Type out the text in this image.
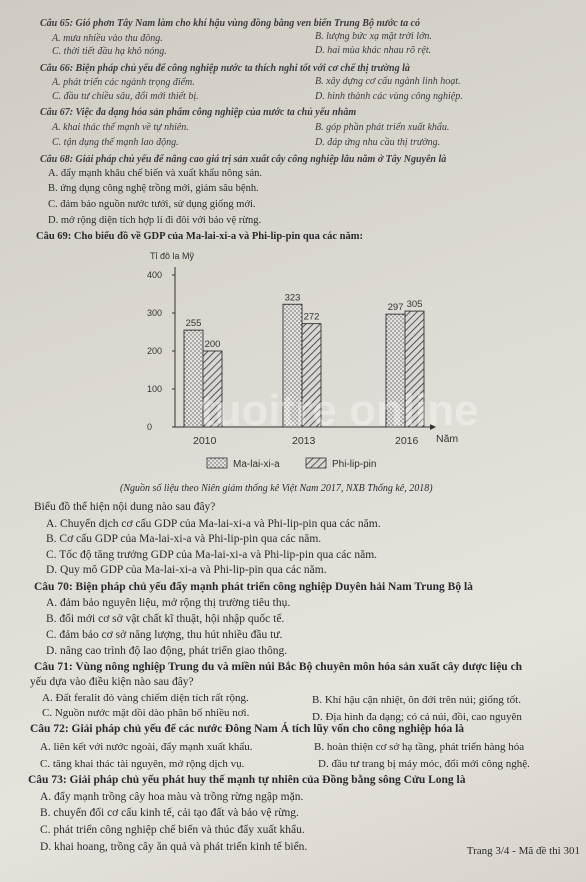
Câu 65: Gió phơn Tây Nam làm cho khí hậu vùng đồng bằng ven biển Trung Bộ nước ta có
A. mưa nhiều vào thu đông.	B. lượng bức xạ mặt trời lớn.
C. thời tiết đầu hạ khô nóng.	D. hai mùa khác nhau rõ rệt.
Câu 66: Biện pháp chủ yếu để công nghiệp nước ta thích nghi tốt với cơ chế thị trường là
A. phát triển các ngành trọng điểm.	B. xây dựng cơ cấu ngành linh hoạt.
C. đầu tư chiều sâu, đổi mới thiết bị.	D. hình thành các vùng công nghiệp.
Câu 67: Việc đa dạng hóa sản phẩm công nghiệp của nước ta chủ yếu nhằm
A. khai thác thế mạnh về tự nhiên.	B. góp phần phát triển xuất khẩu.
C. tận dụng thế mạnh lao động.	D. đáp ứng nhu cầu thị trường.
Câu 68: Giải pháp chủ yếu để nâng cao giá trị sản xuất cây công nghiệp lâu năm ở Tây Nguyên là
A. đẩy mạnh khâu chế biến và xuất khẩu nông sản.
B. ứng dụng công nghệ trồng mới, giảm sâu bệnh.
C. đảm bảo nguồn nước tưới, sử dụng giống mới.
D. mở rộng diện tích hợp lí đi đôi với bảo vệ rừng.
Câu 69: Cho biểu đồ về GDP của Ma-lai-xi-a và Phi-lip-pin qua các năm:
Tỉ đô la Mỹ
0
100
200
300
400
2010	2013	2016
255
200
323
272
297 305
Năm
Ma-lai-xi-a	Phi-lip-pin
tuoitre online
(Nguồn số liệu theo Niên giám thống kê Việt Nam 2017, NXB Thống kê, 2018)
Biểu đồ thể hiện nội dung nào sau đây?
A. Chuyển dịch cơ cấu GDP của Ma-lai-xi-a và Phi-lip-pin qua các năm.
B. Cơ cấu GDP của Ma-lai-xi-a và Phi-lip-pin qua các năm.
C. Tốc độ tăng trưởng GDP của Ma-lai-xi-a và Phi-lip-pin qua các năm.
D. Quy mô GDP của Ma-lai-xi-a và Phi-lip-pin qua các năm.
Câu 70: Biện pháp chủ yếu đẩy mạnh phát triển công nghiệp Duyên hải Nam Trung Bộ là
A. đảm bảo nguyên liệu, mở rộng thị trường tiêu thụ.
B. đổi mới cơ sở vật chất kĩ thuật, hội nhập quốc tế.
C. đảm bảo cơ sở năng lượng, thu hút nhiều đầu tư.
D. nâng cao trình độ lao động, phát triển giao thông.
Câu 71: Vùng nông nghiệp Trung du và miền núi Bắc Bộ chuyên môn hóa sản xuất cây dược liệu ch
yếu dựa vào điều kiện nào sau đây?
A. Đất feralit đỏ vàng chiếm diện tích rất rộng.	B. Khí hậu cận nhiệt, ôn đới trên núi; giống tốt.
C. Nguồn nước mặt dồi dào phân bố nhiều nơi.	D. Địa hình đa dạng; có cả núi, đồi, cao nguyên
Câu 72: Giải pháp chủ yếu để các nước Đông Nam Á tích lũy vốn cho công nghiệp hóa là
A. liên kết với nước ngoài, đẩy mạnh xuất khẩu.	B. hoàn thiện cơ sở hạ tầng, phát triển hàng hóa
C. tăng khai thác tài nguyên, mở rộng dịch vụ.	D. đầu tư trang bị máy móc, đổi mới công nghệ.
Câu 73: Giải pháp chủ yếu phát huy thế mạnh tự nhiên của Đồng bằng sông Cửu Long là
A. đẩy mạnh trồng cây hoa màu và trồng rừng ngập mặn.
B. chuyển đổi cơ cấu kinh tế, cải tạo đất và bảo vệ rừng.
C. phát triển công nghiệp chế biến và thúc đẩy xuất khẩu.
D. khai hoang, trồng cây ăn quả và phát triển kinh tế biển.	Trang 3/4 - Mã đề thi 301
